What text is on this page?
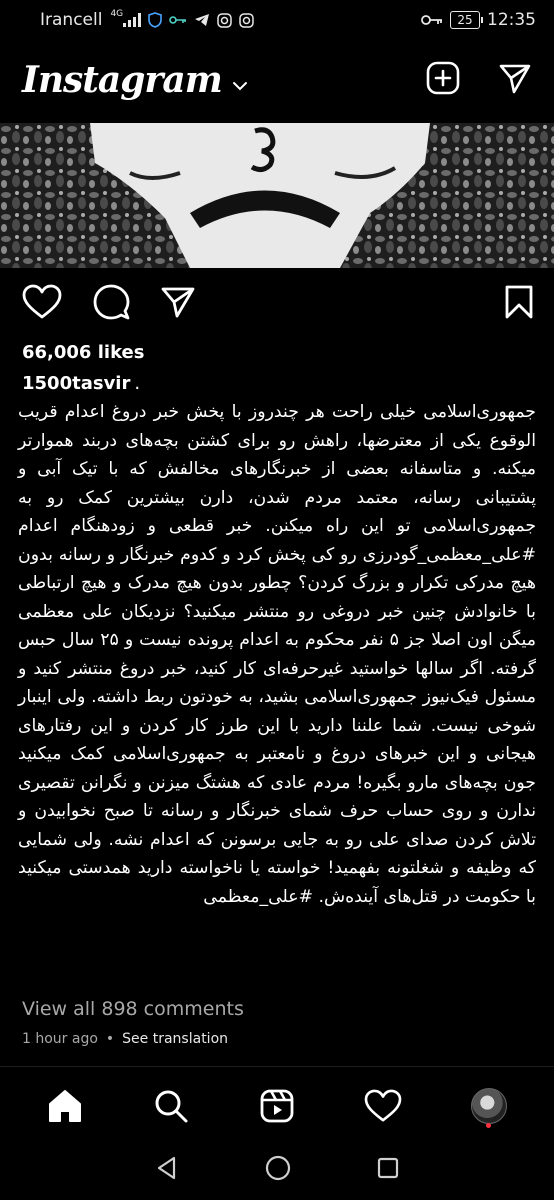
Irancell 4G	25 12:35
Instagram
66,006 likes
1500tasvir .
جمهوری‌اسلامی خیلی راحت هر چندروز با پخش خبر دروغ اعدام قریب الوقوع یکی از معترضها، راهش رو برای کشتن بچه‌های دربند هموارتر میکنه. و متاسفانه بعضی از خبرنگارهای مخالفش که با تیک آبی و پشتیبانی رسانه، معتمد مردم شدن، دارن بیشترین کمک رو به جمهوری‌اسلامی تو این راه میکنن. خبر قطعی و زودهنگام اعدام #علی_معظمی_گودرزی رو کی پخش کرد و کدوم خبرنگار و رسانه بدون هیچ مدرکی تکرار و بزرگ کردن؟ چطور بدون هیچ مدرک و هیچ ارتباطی با خانوادش چنین خبر دروغی رو منتشر میکنید؟ نزدیکان علی معظمی میگن اون اصلا جز ۵ نفر محکوم به اعدام پرونده نیست و ۲۵ سال حبس گرفته. اگر سالها خواستید غیرحرفه‌ای کار کنید، خبر دروغ منتشر کنید و مسئول فیک‌نیوز جمهوری‌اسلامی بشید، به خودتون ربط داشته. ولی اینبار شوخی نیست. شما علننا دارید با این طرز کار کردن و این رفتارهای هیجانی و این خبرهای دروغ و نامعتبر به جمهوری‌اسلامی کمک میکنید جون بچه‌های مارو بگیره! مردم عادی که هشتگ میزنن و نگرانن تقصیری ندارن و روی حساب حرف شمای خبرنگار و رسانه تا صبح نخوابیدن و تلاش کردن صدای علی رو به جایی برسونن که اعدام نشه. ولی شمایی که وظیفه و شغلتونه بفهمید! خواسته یا ناخواسته دارید همدستی میکنید با حکومت در قتل‌های آینده‌ش. #علی_معظمی
View all 898 comments
1 hour ago • See translation
